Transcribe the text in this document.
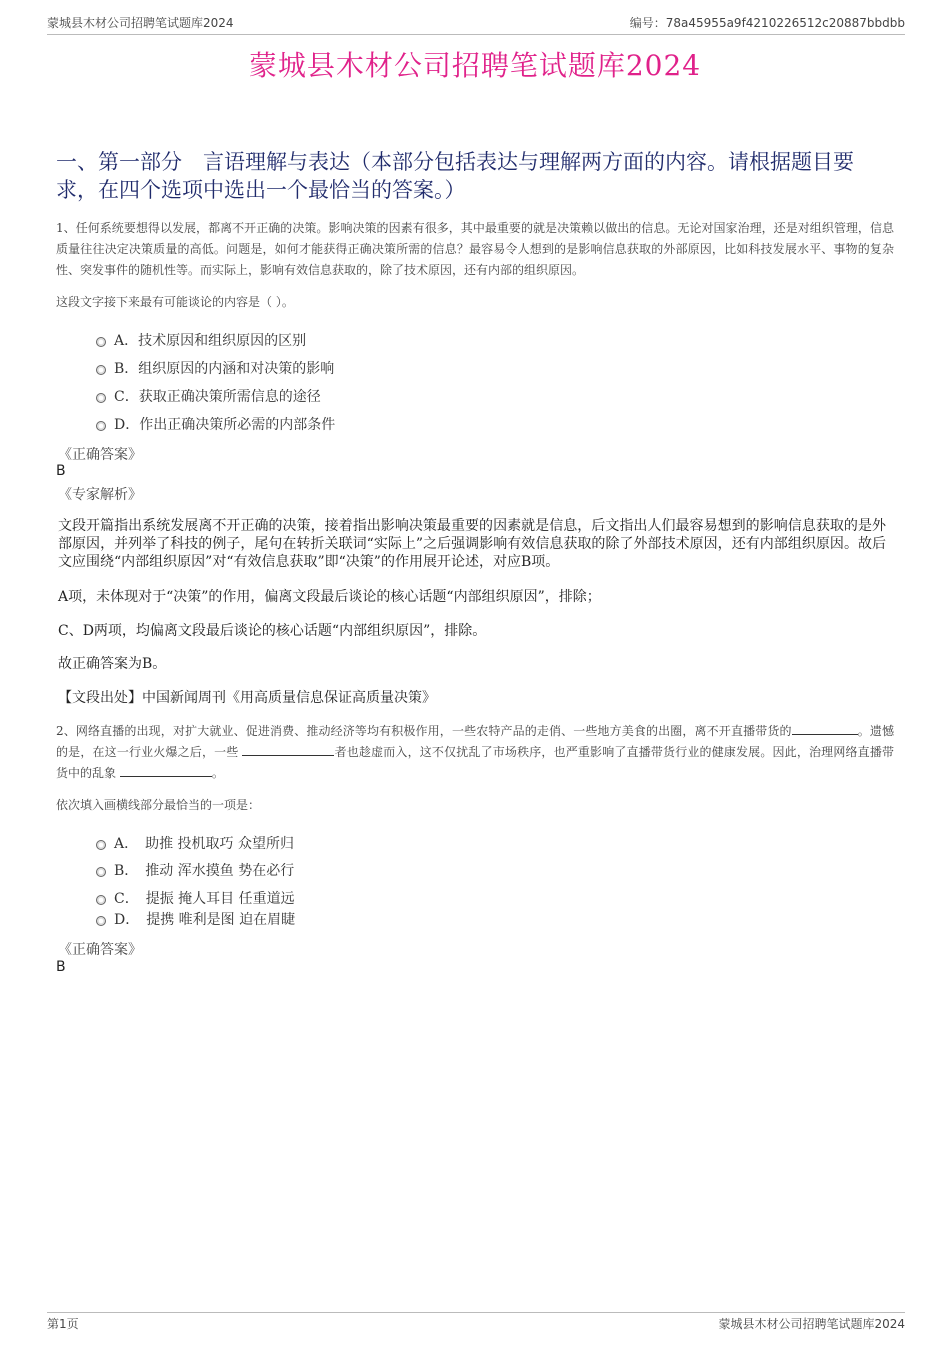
蒙城县木材公司招聘笔试题库2024	编号：78a45955a9f4210226512c20887bbdbb
蒙城县木材公司招聘笔试题库2024
一、第一部分　言语理解与表达（本部分包括表达与理解两方面的内容。请根据题目要求，在四个选项中选出一个最恰当的答案。）
1、任何系统要想得以发展，都离不开正确的决策。影响决策的因素有很多，其中最重要的就是决策赖以做出的信息。无论对国家治理，还是对组织管理，信息质量往往决定决策质量的高低。问题是，如何才能获得正确决策所需的信息？最容易令人想到的是影响信息获取的外部原因，比如科技发展水平、事物的复杂性、突发事件的随机性等。而实际上，影响有效信息获取的，除了技术原因，还有内部的组织原因。
这段文字接下来最有可能谈论的内容是（ ）。
A．技术原因和组织原因的区别
B．组织原因的内涵和对决策的影响
C．获取正确决策所需信息的途径
D．作出正确决策所必需的内部条件
《正确答案》
B
《专家解析》
文段开篇指出系统发展离不开正确的决策，接着指出影响决策最重要的因素就是信息，后文指出人们最容易想到的影响信息获取的是外部原因，并列举了科技的例子，尾句在转折关联词“实际上”之后强调影响有效信息获取的除了外部技术原因，还有内部组织原因。故后文应围绕“内部组织原因”对“有效信息获取”即“决策”的作用展开论述，对应B项。
A项，未体现对于“决策”的作用，偏离文段最后谈论的核心话题“内部组织原因”，排除；
C、D两项，均偏离文段最后谈论的核心话题“内部组织原因”，排除。
故正确答案为B。
【文段出处】中国新闻周刊《用高质量信息保证高质量决策》
2、网络直播的出现，对扩大就业、促进消费、推动经济等均有积极作用，一些农特产品的走俏、一些地方美食的出圈，离不开直播带货的	。遗憾的是，在这一行业火爆之后，一些	者也趁虚而入，这不仅扰乱了市场秩序，也严重影响了直播带货行业的健康发展。因此，治理网络直播带货中的乱象	。
依次填入画横线部分最恰当的一项是：
A．　助推 投机取巧 众望所归
B．　推动 浑水摸鱼 势在必行
C．　提振 掩人耳目 任重道远
D．　提携 唯利是图 迫在眉睫
《正确答案》
B
第1页	蒙城县木材公司招聘笔试题库2024
